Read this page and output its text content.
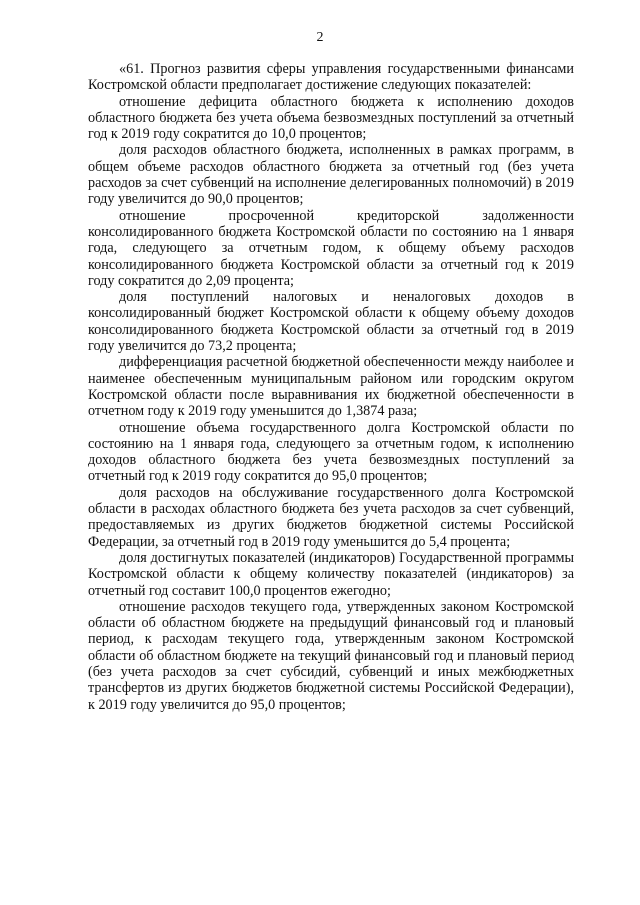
2

«61. Прогноз развития сферы управления государственными финансами Костромской области предполагает достижение следующих показателей:

отношение дефицита областного бюджета к исполнению доходов областного бюджета без учета объема безвозмездных поступлений за отчетный год к 2019 году сократится до 10,0 процентов;

доля расходов областного бюджета, исполненных в рамках программ, в общем объеме расходов областного бюджета за отчетный год (без учета расходов за счет субвенций на исполнение делегированных полномочий) в 2019 году увеличится до 90,0 процентов;

отношение просроченной кредиторской задолженности консолидированного бюджета Костромской области по состоянию на 1 января года, следующего за отчетным годом, к общему объему расходов консолидированного бюджета Костромской области за отчетный год к 2019 году сократится до 2,09 процента;

доля поступлений налоговых и неналоговых доходов в консолидированный бюджет Костромской области к общему объему доходов консолидированного бюджета Костромской области за отчетный год в 2019 году увеличится до 73,2 процента;

дифференциация расчетной бюджетной обеспеченности между наиболее и наименее обеспеченным муниципальным районом или городским округом Костромской области после выравнивания их бюджетной обеспеченности в отчетном году к 2019 году уменьшится до 1,3874 раза;

отношение объема государственного долга Костромской области по состоянию на 1 января года, следующего за отчетным годом, к исполнению доходов областного бюджета без учета безвозмездных поступлений за отчетный год к 2019 году сократится до 95,0 процентов;

доля расходов на обслуживание государственного долга Костромской области в расходах областного бюджета без учета расходов за счет субвенций, предоставляемых из других бюджетов бюджетной системы Российской Федерации, за отчетный год в 2019 году уменьшится до 5,4 процента;

доля достигнутых показателей (индикаторов) Государственной программы Костромской области к общему количеству показателей (индикаторов) за отчетный год составит 100,0 процентов ежегодно;

отношение расходов текущего года, утвержденных законом Костромской области об областном бюджете на предыдущий финансовый год и плановый период, к расходам текущего года, утвержденным законом Костромской области об областном бюджете на текущий финансовый год и плановый период (без учета расходов за счет субсидий, субвенций и иных межбюджетных трансфертов из других бюджетов бюджетной системы Российской Федерации), к 2019 году увеличится до 95,0 процентов;
